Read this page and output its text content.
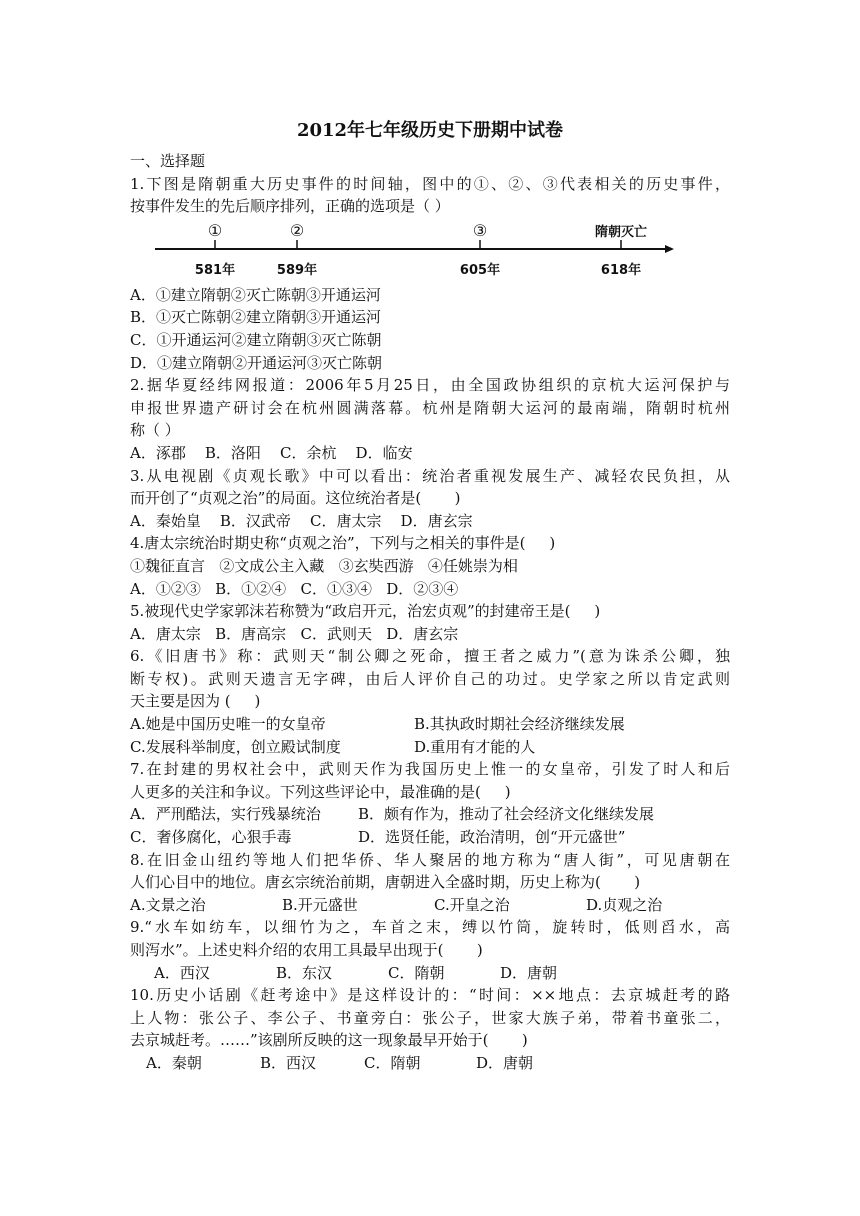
2012年七年级历史下册期中试卷
一、选择题
1.下图是隋朝重大历史事件的时间轴，图中的①、②、③代表相关的历史事件，
按事件发生的先后顺序排列，正确的选项是（ ）
①	②	③	隋朝灭亡
581年	589年	605年	618年
A．①建立隋朝②灭亡陈朝③开通运河
B．①灭亡陈朝②建立隋朝③开通运河
C．①开通运河②建立隋朝③灭亡陈朝
D．①建立隋朝②开通运河③灭亡陈朝
2.据华夏经纬网报道：2006年5月25日，由全国政协组织的京杭大运河保护与
申报世界遗产研讨会在杭州圆满落幕。杭州是隋朝大运河的最南端，隋朝时杭州
称（ ）
A．涿郡    B．洛阳    C．余杭    D．临安
3.从电视剧《贞观长歌》中可以看出：统治者重视发展生产、减轻农民负担，从
而开创了“贞观之治”的局面。这位统治者是(       )
A．秦始皇    B．汉武帝    C．唐太宗    D．唐玄宗
4.唐太宗统治时期史称“贞观之治”，下列与之相关的事件是(     )
①魏征直言   ②文成公主入藏   ③玄奘西游   ④任姚崇为相
A．①②③   B．①②④   C．①③④   D．②③④
5.被现代史学家郭沫若称赞为“政启开元，治宏贞观”的封建帝王是(     )
A．唐太宗   B．唐高宗   C．武则天   D．唐玄宗
6.《旧唐书》称：武则天“制公卿之死命，擅王者之威力”(意为诛杀公卿，独
断专权)。武则天遗言无字碑，由后人评价自己的功过。史学家之所以肯定武则
天主要是因为 (     )
A.她是中国历史唯一的女皇帝	B.其执政时期社会经济继续发展
C.发展科举制度，创立殿试制度	D.重用有才能的人
7.在封建的男权社会中，武则天作为我国历史上惟一的女皇帝，引发了时人和后
人更多的关注和争议。下列这些评论中，最准确的是(     )
A．严刑酷法，实行残暴统治	B．颇有作为，推动了社会经济文化继续发展
C．奢侈腐化，心狠手毒	D．选贤任能，政治清明，创“开元盛世”
8.在旧金山纽约等地人们把华侨、华人聚居的地方称为“唐人街”，可见唐朝在
人们心目中的地位。唐玄宗统治前期，唐朝进入全盛时期，历史上称为(       )
A.文景之治	B.开元盛世	C.开皇之治	D.贞观之治
9.“水车如纺车，以细竹为之，车首之末，缚以竹筒，旋转时，低则舀水，高
则泻水”。上述史料介绍的农用工具最早出现于(       )
A．西汉	B．东汉	C．隋朝	D．唐朝
10.历史小话剧《赶考途中》是这样设计的：“时间：××地点：去京城赶考的路
上人物：张公子、李公子、书童旁白：张公子，世家大族子弟，带着书童张二，
去京城赶考。……”该剧所反映的这一现象最早开始于(       )
A．秦朝	B．西汉	C．隋朝	D．唐朝
